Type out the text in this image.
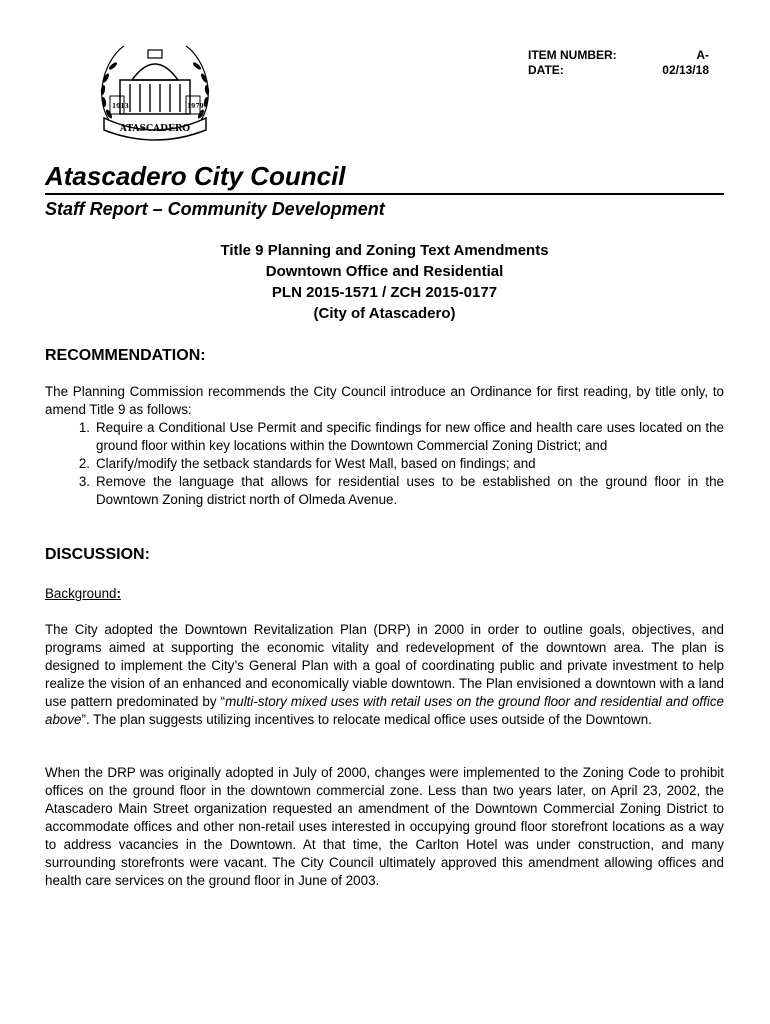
1913	1979
ATASCADERO
ITEM NUMBER:	A-
DATE:	02/13/18
Atascadero City Council
Staff Report – Community Development
Title 9 Planning and Zoning Text Amendments
Downtown Office and Residential
PLN 2015-1571 / ZCH 2015-0177
(City of Atascadero)
RECOMMENDATION:

The Planning Commission recommends the City Council introduce an Ordinance for first reading, by title only, to amend Title 9 as follows:

1. Require a Conditional Use Permit and specific findings for new office and health care uses located on the ground floor within key locations within the Downtown Commercial Zoning District; and
2. Clarify/modify the setback standards for West Mall, based on findings; and
3. Remove the language that allows for residential uses to be established on the ground floor in the Downtown Zoning district north of Olmeda Avenue.
DISCUSSION:
Background:

The City adopted the Downtown Revitalization Plan (DRP) in 2000 in order to outline goals, objectives, and programs aimed at supporting the economic vitality and redevelopment of the downtown area. The plan is designed to implement the City’s General Plan with a goal of coordinating public and private investment to help realize the vision of an enhanced and economically viable downtown. The Plan envisioned a downtown with a land use pattern predominated by “multi-story mixed uses with retail uses on the ground floor and residential and office above”. The plan suggests utilizing incentives to relocate medical office uses outside of the Downtown.

When the DRP was originally adopted in July of 2000, changes were implemented to the Zoning Code to prohibit offices on the ground floor in the downtown commercial zone. Less than two years later, on April 23, 2002, the Atascadero Main Street organization requested an amendment of the Downtown Commercial Zoning District to accommodate offices and other non-retail uses interested in occupying ground floor storefront locations as a way to address vacancies in the Downtown. At that time, the Carlton Hotel was under construction, and many surrounding storefronts were vacant. The City Council ultimately approved this amendment allowing offices and health care services on the ground floor in June of 2003.
